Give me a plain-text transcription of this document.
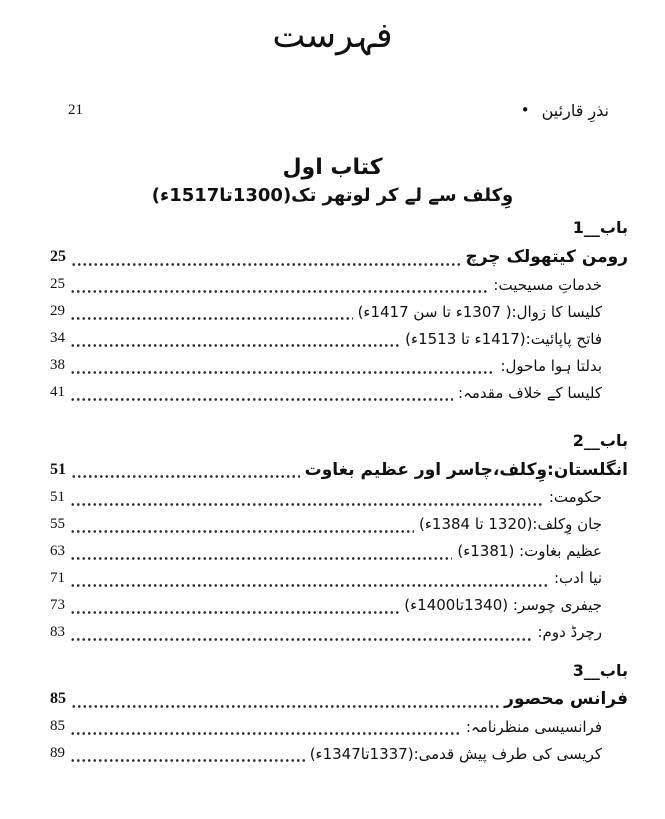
فہرست
نذرِ قارئین
•
21
کتاب اول
وِکلف سے لے کر لوتھر تک(1300تا1517ء)
باب__1
رومن کیتھولک چرچ
25
خدماتِ مسیحیت:
25
کلیسا کا زوال:( 1307ء تا سن 1417ء)
29
فاتح پاپائیت:(1417ء تا 1513ء)
34
بدلتا ہوا ماحول:
38
کلیسا کے خلاف مقدمہ:
41
باب__2
انگلستان:وِکلف،چاسر اور عظیم بغاوت
51
حکومت:
51
جان وِکلف:(1320 تا 1384ء)
55
عظیم بغاوت: (1381ء)
63
نیا ادب:
71
جیفری چوسر: (1340تا1400ء)
73
رچرڈ دوم:
83
باب__3
فرانس محصور
85
فرانسیسی منظرنامہ:
85
کریسی کی طرف پیش قدمی:(1337تا1347ء)
89
